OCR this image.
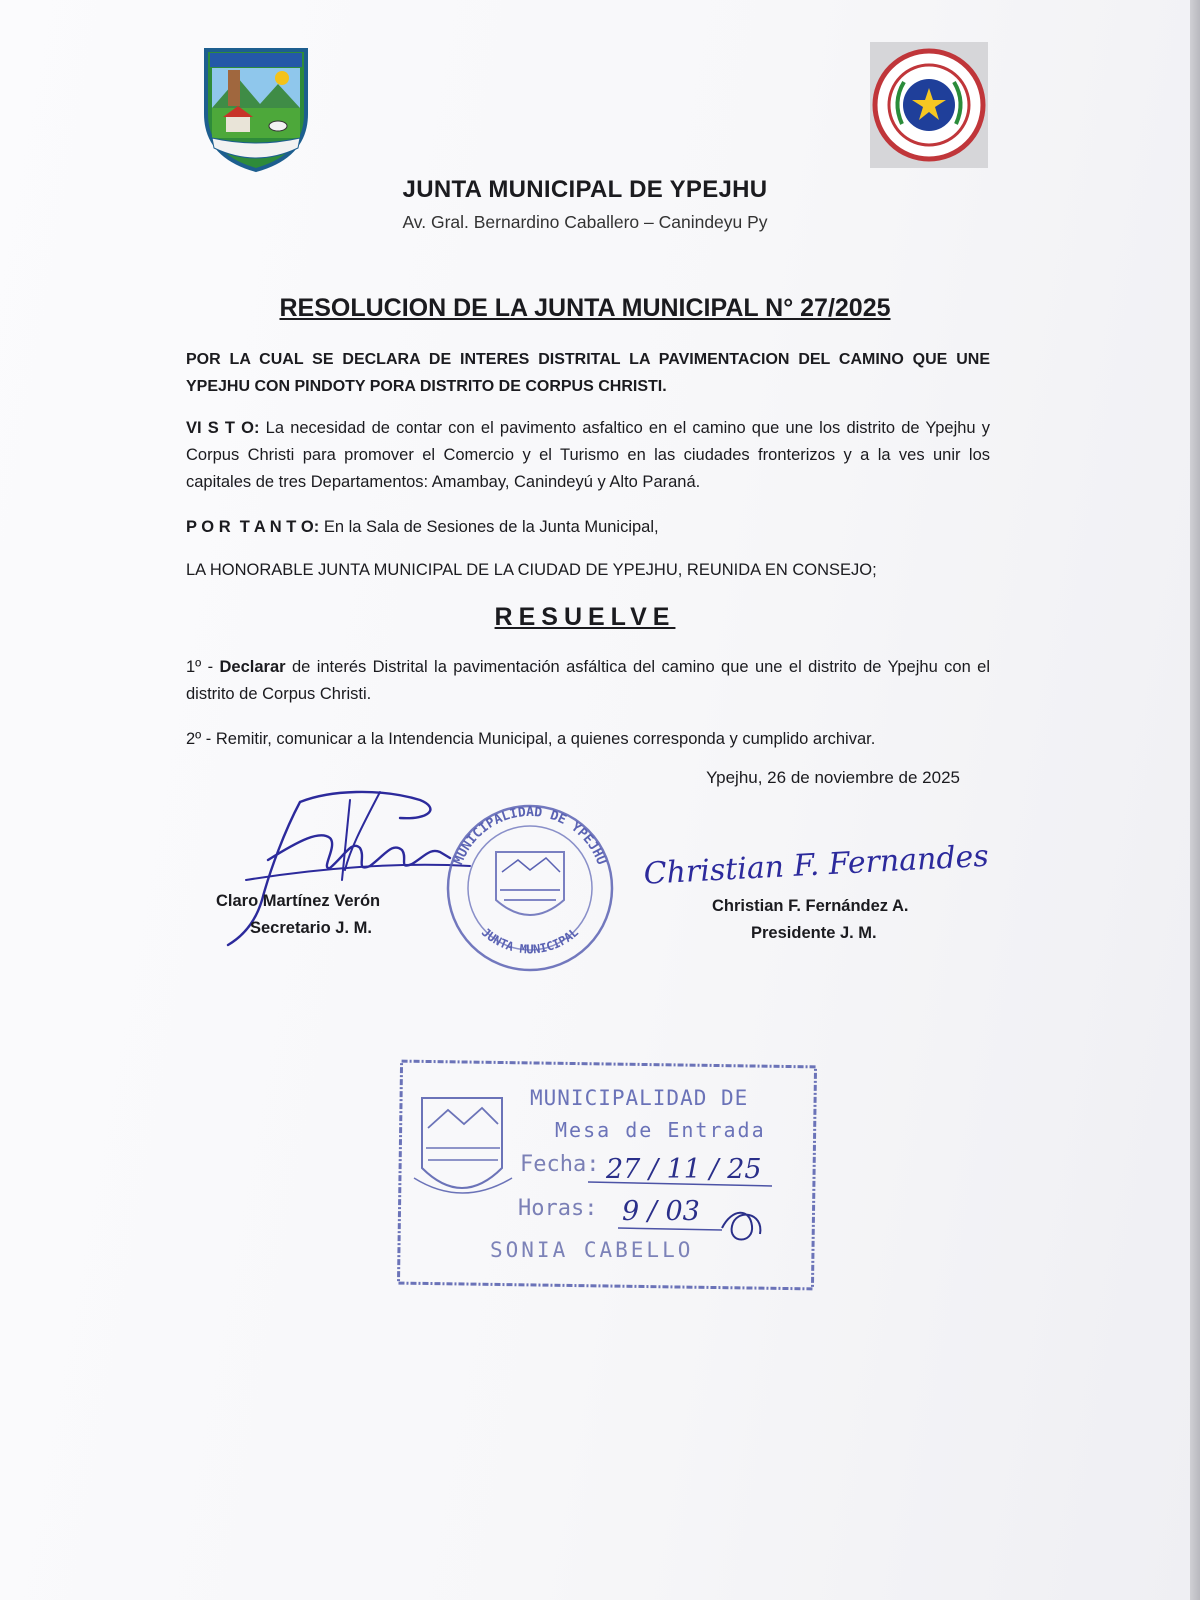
JUNTA MUNICIPAL DE YPEJHU
Av. Gral. Bernardino Caballero – Canindeyu Py
RESOLUCION DE LA JUNTA MUNICIPAL N° 27/2025
POR LA CUAL SE DECLARA DE INTERES DISTRITAL LA PAVIMENTACION DEL CAMINO QUE UNE YPEJHU CON PINDOTY PORA DISTRITO DE CORPUS CHRISTI.
VI S T O: La necesidad de contar con el pavimento asfaltico en el camino que une los distrito de Ypejhu y Corpus Christi para promover el Comercio y el Turismo en las ciudades fronterizos y a la ves unir los capitales de tres Departamentos: Amambay, Canindeyú y Alto Paraná.
P O R  T A N T O: En la Sala de Sesiones de la Junta Municipal,
LA HONORABLE JUNTA MUNICIPAL DE LA CIUDAD DE YPEJHU, REUNIDA EN CONSEJO;
RESUELVE
1º - Declarar de interés Distrital la pavimentación asfáltica del camino que une el distrito de Ypejhu con el distrito de Corpus Christi.
2º - Remitir, comunicar a la Intendencia Municipal, a quienes corresponda y cumplido archivar.
Ypejhu, 26 de noviembre de 2025
Christian F. Fernandes
MUNICIPALIDAD DE YPEJHU
JUNTA MUNICIPAL
Claro Martínez Verón
Secretario J. M.
Christian F. Fernández A.
Presidente J. M.
MUNICIPALIDAD DE
Mesa de Entrada
Fecha: 27 / 11 / 25
Horas: 9 / 03
SONIA CABELLO
